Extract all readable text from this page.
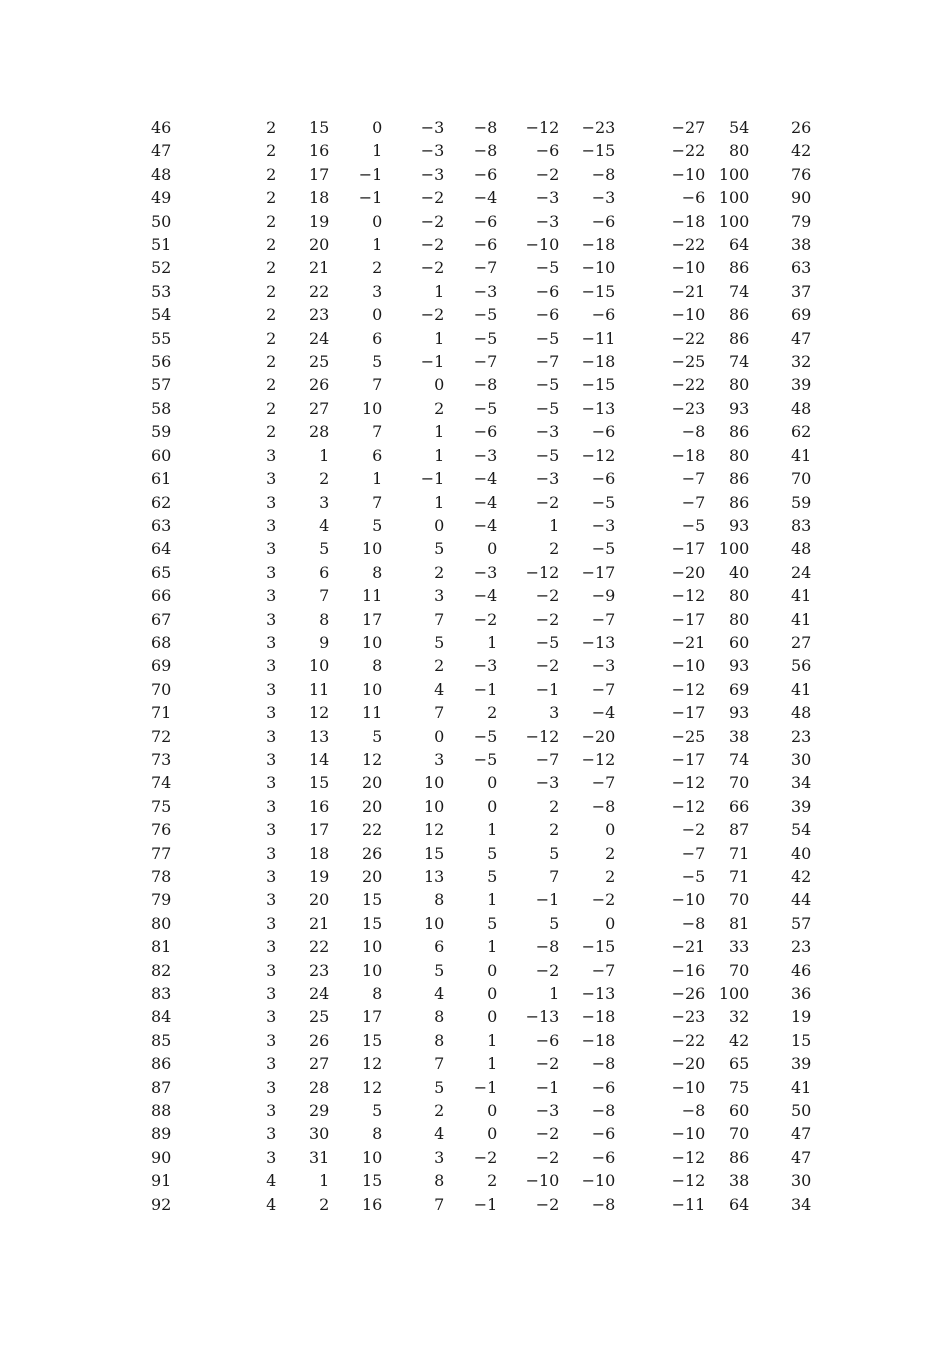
46	2	15	0	−3	−8	−12	−23	−27	54	26
47	2	16	1	−3	−8	−6	−15	−22	80	42
48	2	17	−1	−3	−6	−2	−8	−10	100	76
49	2	18	−1	−2	−4	−3	−3	−6	100	90
50	2	19	0	−2	−6	−3	−6	−18	100	79
51	2	20	1	−2	−6	−10	−18	−22	64	38
52	2	21	2	−2	−7	−5	−10	−10	86	63
53	2	22	3	1	−3	−6	−15	−21	74	37
54	2	23	0	−2	−5	−6	−6	−10	86	69
55	2	24	6	1	−5	−5	−11	−22	86	47
56	2	25	5	−1	−7	−7	−18	−25	74	32
57	2	26	7	0	−8	−5	−15	−22	80	39
58	2	27	10	2	−5	−5	−13	−23	93	48
59	2	28	7	1	−6	−3	−6	−8	86	62
60	3	1	6	1	−3	−5	−12	−18	80	41
61	3	2	1	−1	−4	−3	−6	−7	86	70
62	3	3	7	1	−4	−2	−5	−7	86	59
63	3	4	5	0	−4	1	−3	−5	93	83
64	3	5	10	5	0	2	−5	−17	100	48
65	3	6	8	2	−3	−12	−17	−20	40	24
66	3	7	11	3	−4	−2	−9	−12	80	41
67	3	8	17	7	−2	−2	−7	−17	80	41
68	3	9	10	5	1	−5	−13	−21	60	27
69	3	10	8	2	−3	−2	−3	−10	93	56
70	3	11	10	4	−1	−1	−7	−12	69	41
71	3	12	11	7	2	3	−4	−17	93	48
72	3	13	5	0	−5	−12	−20	−25	38	23
73	3	14	12	3	−5	−7	−12	−17	74	30
74	3	15	20	10	0	−3	−7	−12	70	34
75	3	16	20	10	0	2	−8	−12	66	39
76	3	17	22	12	1	2	0	−2	87	54
77	3	18	26	15	5	5	2	−7	71	40
78	3	19	20	13	5	7	2	−5	71	42
79	3	20	15	8	1	−1	−2	−10	70	44
80	3	21	15	10	5	5	0	−8	81	57
81	3	22	10	6	1	−8	−15	−21	33	23
82	3	23	10	5	0	−2	−7	−16	70	46
83	3	24	8	4	0	1	−13	−26	100	36
84	3	25	17	8	0	−13	−18	−23	32	19
85	3	26	15	8	1	−6	−18	−22	42	15
86	3	27	12	7	1	−2	−8	−20	65	39
87	3	28	12	5	−1	−1	−6	−10	75	41
88	3	29	5	2	0	−3	−8	−8	60	50
89	3	30	8	4	0	−2	−6	−10	70	47
90	3	31	10	3	−2	−2	−6	−12	86	47
91	4	1	15	8	2	−10	−10	−12	38	30
92	4	2	16	7	−1	−2	−8	−11	64	34
